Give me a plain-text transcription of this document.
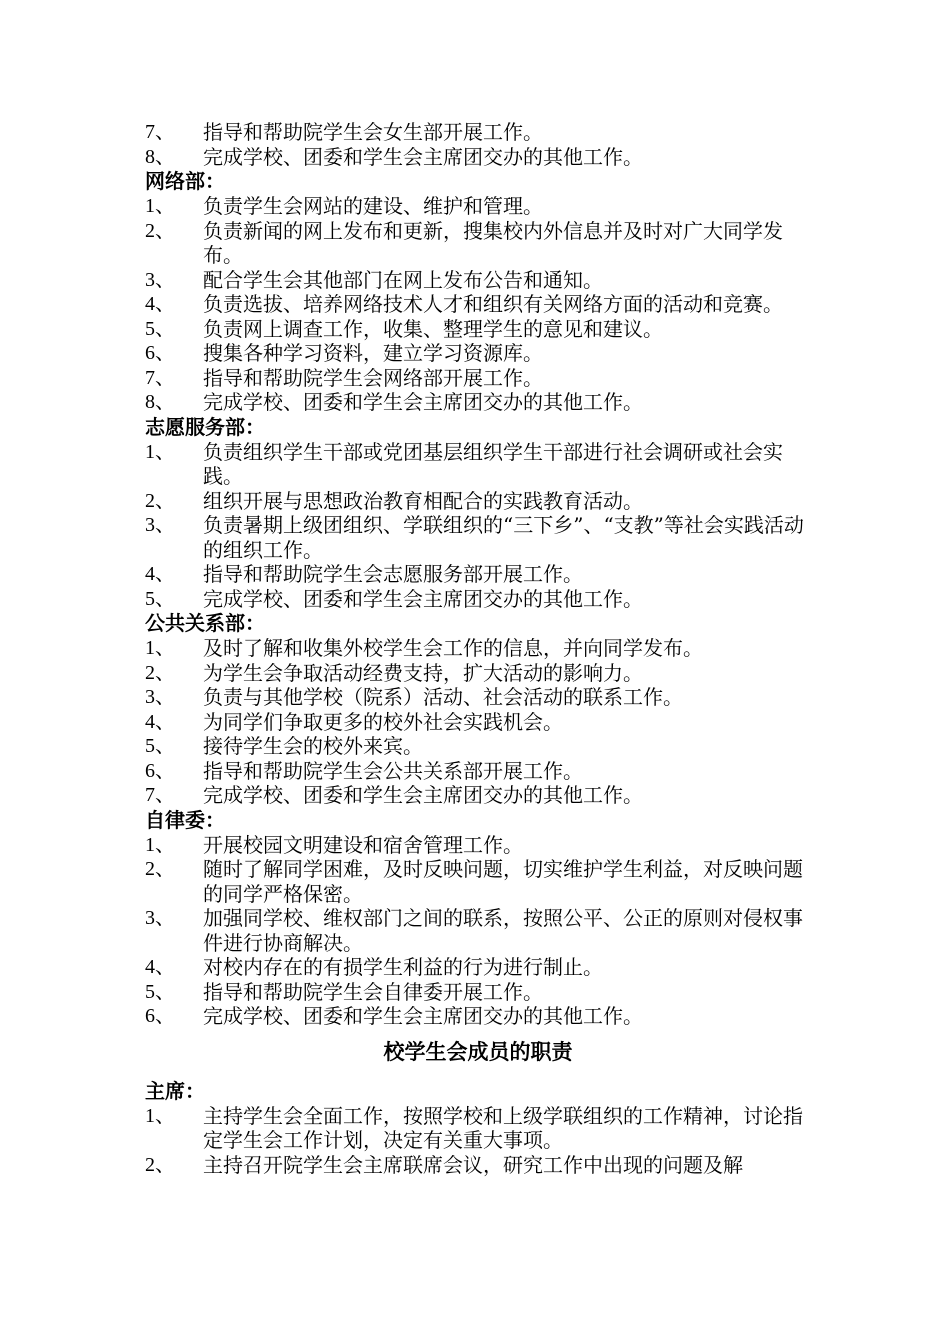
7、	指导和帮助院学生会女生部开展工作。
8、	完成学校、团委和学生会主席团交办的其他工作。
网络部：
1、	负责学生会网站的建设、维护和管理。
2、	负责新闻的网上发布和更新，搜集校内外信息并及时对广大同学发布。
3、	配合学生会其他部门在网上发布公告和通知。
4、	负责选拔、培养网络技术人才和组织有关网络方面的活动和竞赛。
5、	负责网上调查工作，收集、整理学生的意见和建议。
6、	搜集各种学习资料，建立学习资源库。
7、	指导和帮助院学生会网络部开展工作。
8、	完成学校、团委和学生会主席团交办的其他工作。
志愿服务部：
1、	负责组织学生干部或党团基层组织学生干部进行社会调研或社会实践。
2、	组织开展与思想政治教育相配合的实践教育活动。
3、	负责暑期上级团组织、学联组织的“三下乡”、“支教”等社会实践活动的组织工作。
4、	指导和帮助院学生会志愿服务部开展工作。
5、	完成学校、团委和学生会主席团交办的其他工作。
公共关系部：
1、	及时了解和收集外校学生会工作的信息，并向同学发布。
2、	为学生会争取活动经费支持，扩大活动的影响力。
3、	负责与其他学校（院系）活动、社会活动的联系工作。
4、	为同学们争取更多的校外社会实践机会。
5、	接待学生会的校外来宾。
6、	指导和帮助院学生会公共关系部开展工作。
7、	完成学校、团委和学生会主席团交办的其他工作。
自律委：
1、	开展校园文明建设和宿舍管理工作。
2、	随时了解同学困难，及时反映问题，切实维护学生利益，对反映问题的同学严格保密。
3、	加强同学校、维权部门之间的联系，按照公平、公正的原则对侵权事件进行协商解决。
4、	对校内存在的有损学生利益的行为进行制止。
5、	指导和帮助院学生会自律委开展工作。
6、	完成学校、团委和学生会主席团交办的其他工作。
校学生会成员的职责
主席：
1、	主持学生会全面工作，按照学校和上级学联组织的工作精神，讨论指定学生会工作计划，决定有关重大事项。
2、	主持召开院学生会主席联席会议，研究工作中出现的问题及解
